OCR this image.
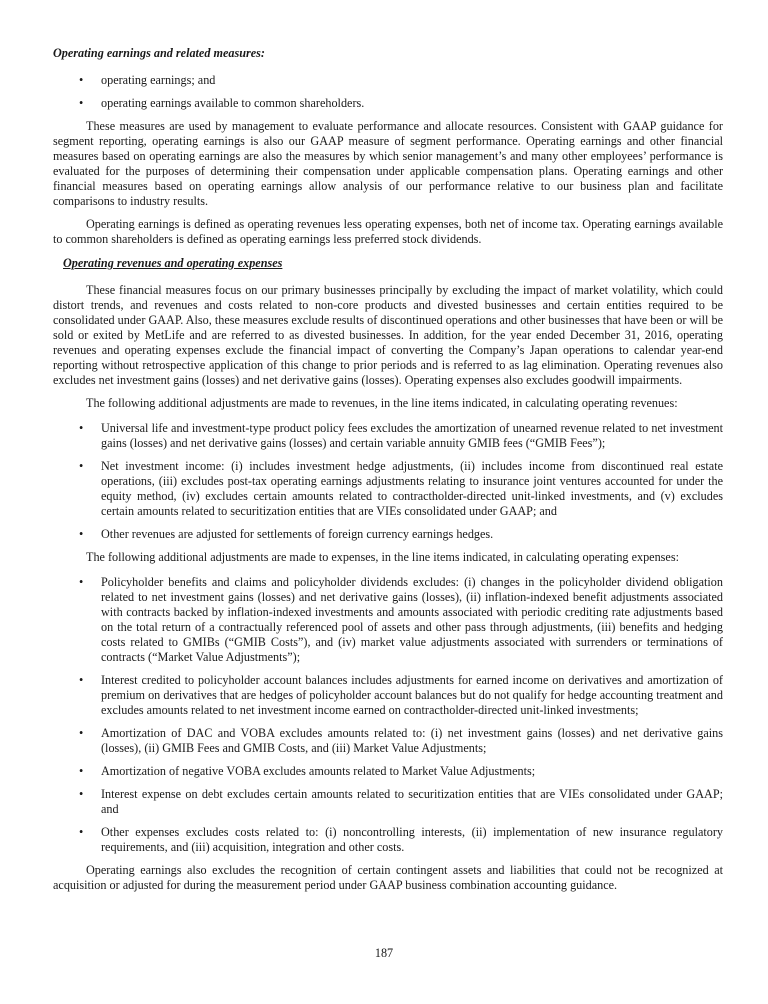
Operating earnings and related measures:
• operating earnings; and
• operating earnings available to common shareholders.

These measures are used by management to evaluate performance and allocate resources. Consistent with GAAP guidance for segment reporting, operating earnings is also our GAAP measure of segment performance. Operating earnings and other financial measures based on operating earnings are also the measures by which senior management’s and many other employees’ performance is evaluated for the purposes of determining their compensation under applicable compensation plans. Operating earnings and other financial measures based on operating earnings allow analysis of our performance relative to our business plan and facilitate comparisons to industry results.

Operating earnings is defined as operating revenues less operating expenses, both net of income tax. Operating earnings available to common shareholders is defined as operating earnings less preferred stock dividends.

Operating revenues and operating expenses

These financial measures focus on our primary businesses principally by excluding the impact of market volatility, which could distort trends, and revenues and costs related to non-core products and divested businesses and certain entities required to be consolidated under GAAP. Also, these measures exclude results of discontinued operations and other businesses that have been or will be sold or exited by MetLife and are referred to as divested businesses. In addition, for the year ended December 31, 2016, operating revenues and operating expenses exclude the financial impact of converting the Company’s Japan operations to calendar year-end reporting without retrospective application of this change to prior periods and is referred to as lag elimination. Operating revenues also excludes net investment gains (losses) and net derivative gains (losses). Operating expenses also excludes goodwill impairments.

The following additional adjustments are made to revenues, in the line items indicated, in calculating operating revenues:

• Universal life and investment-type product policy fees excludes the amortization of unearned revenue related to net investment gains (losses) and net derivative gains (losses) and certain variable annuity GMIB fees (“GMIB Fees”);
• Net investment income: (i) includes investment hedge adjustments, (ii) includes income from discontinued real estate operations, (iii) excludes post-tax operating earnings adjustments relating to insurance joint ventures accounted for under the equity method, (iv) excludes certain amounts related to contractholder-directed unit-linked investments, and (v) excludes certain amounts related to securitization entities that are VIEs consolidated under GAAP; and
• Other revenues are adjusted for settlements of foreign currency earnings hedges.

The following additional adjustments are made to expenses, in the line items indicated, in calculating operating expenses:

• Policyholder benefits and claims and policyholder dividends excludes: (i) changes in the policyholder dividend obligation related to net investment gains (losses) and net derivative gains (losses), (ii) inflation-indexed benefit adjustments associated with contracts backed by inflation-indexed investments and amounts associated with periodic crediting rate adjustments based on the total return of a contractually referenced pool of assets and other pass through adjustments, (iii) benefits and hedging costs related to GMIBs (“GMIB Costs”), and (iv) market value adjustments associated with surrenders or terminations of contracts (“Market Value Adjustments”);
• Interest credited to policyholder account balances includes adjustments for earned income on derivatives and amortization of premium on derivatives that are hedges of policyholder account balances but do not qualify for hedge accounting treatment and excludes amounts related to net investment income earned on contractholder-directed unit-linked investments;
• Amortization of DAC and VOBA excludes amounts related to: (i) net investment gains (losses) and net derivative gains (losses), (ii) GMIB Fees and GMIB Costs, and (iii) Market Value Adjustments;
• Amortization of negative VOBA excludes amounts related to Market Value Adjustments;
• Interest expense on debt excludes certain amounts related to securitization entities that are VIEs consolidated under GAAP; and
• Other expenses excludes costs related to: (i) noncontrolling interests, (ii) implementation of new insurance regulatory requirements, and (iii) acquisition, integration and other costs.

Operating earnings also excludes the recognition of certain contingent assets and liabilities that could not be recognized at acquisition or adjusted for during the measurement period under GAAP business combination accounting guidance.

187
